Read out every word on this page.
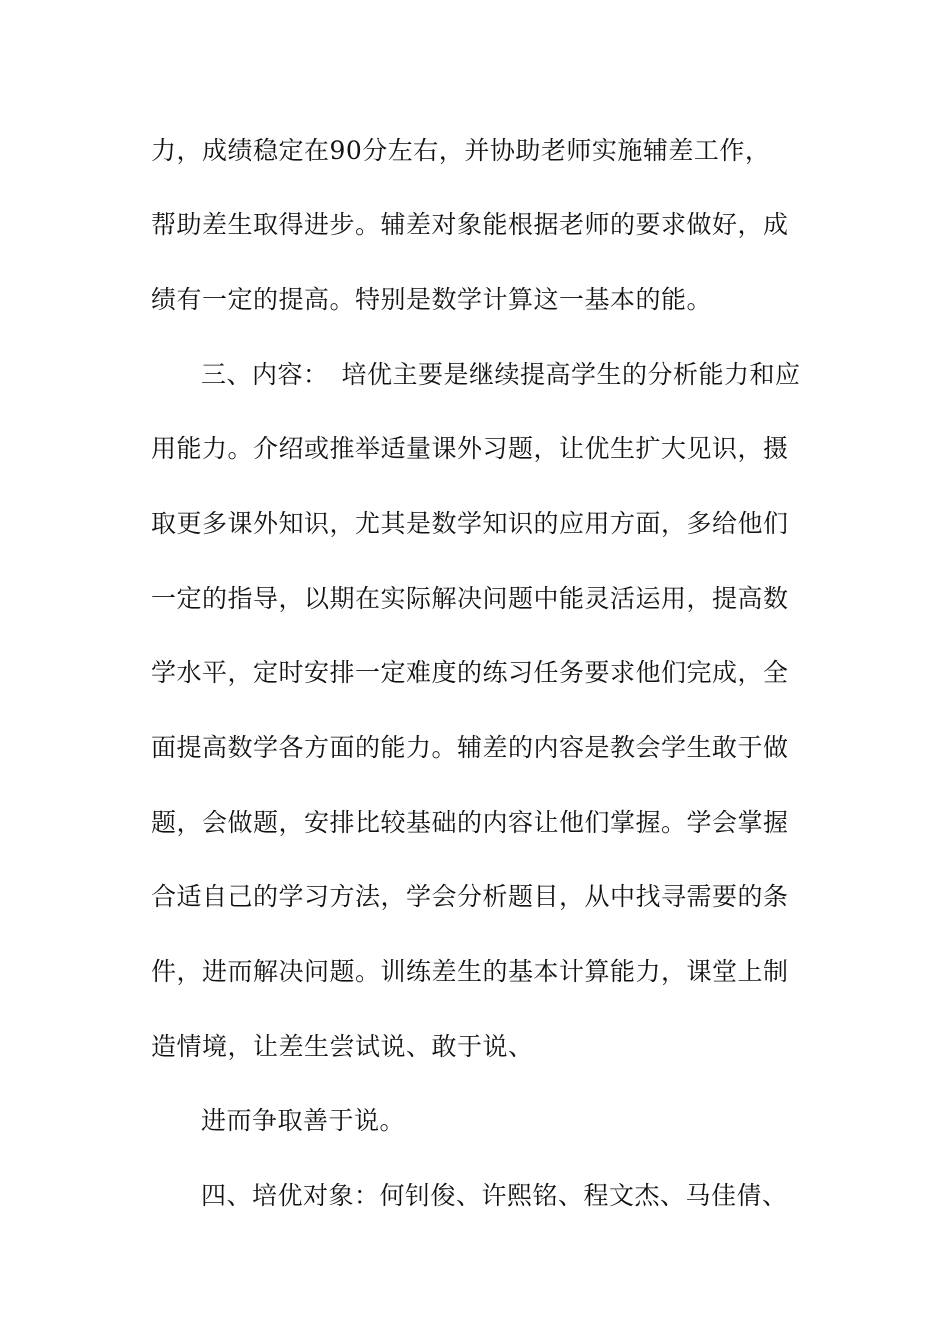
力，成绩稳定在90分左右，并协助老师实施辅差工作，
帮助差生取得进步。辅差对象能根据老师的要求做好，成
绩有一定的提高。特别是数学计算这一基本的能。
三、内容：　培优主要是继续提高学生的分析能力和应
用能力。介绍或推举适量课外习题，让优生扩大见识，摄
取更多课外知识，尤其是数学知识的应用方面，多给他们
一定的指导，以期在实际解决问题中能灵活运用，提高数
学水平，定时安排一定难度的练习任务要求他们完成，全
面提高数学各方面的能力。辅差的内容是教会学生敢于做
题，会做题，安排比较基础的内容让他们掌握。学会掌握
合适自己的学习方法，学会分析题目，从中找寻需要的条
件，进而解决问题。训练差生的基本计算能力，课堂上制
造情境，让差生尝试说、敢于说、
进而争取善于说。
四、培优对象：何钊俊、许熙铭、程文杰、马佳倩、
